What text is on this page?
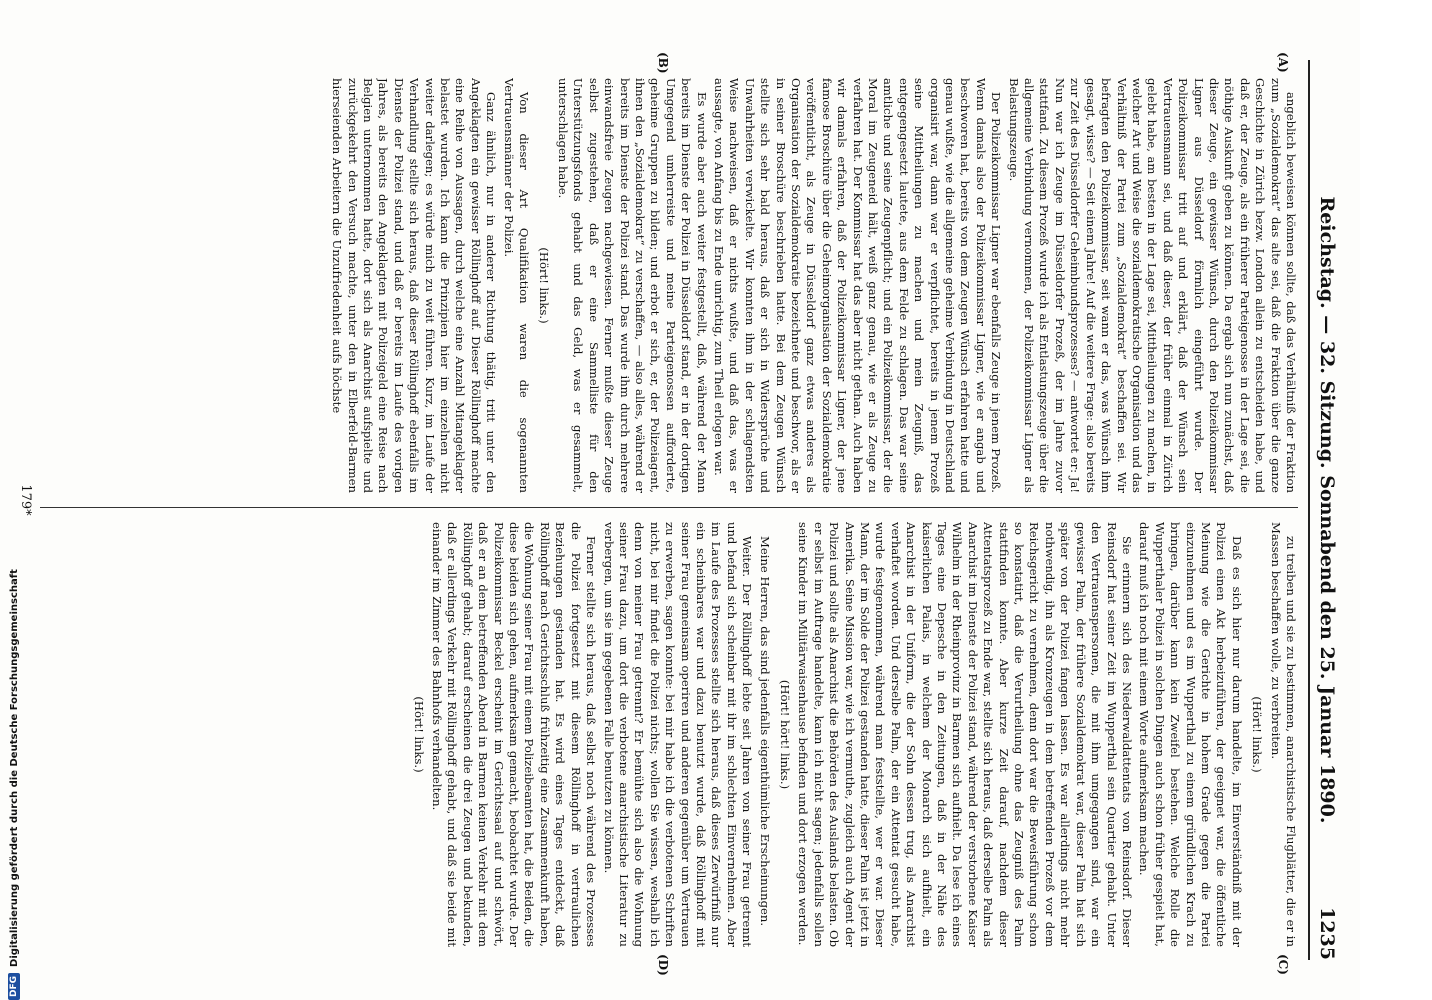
Reichstag. — 32. Sitzung. Sonnabend den 25. Januar 1890.
1235
(A)
(B)
(C)
(D)

angeblich beweisen können sollte, daß das Verhältniß der Fraktion zum „Sozialdemokrat“ das alte sei, daß die Fraktion über die ganze Geschichte in Zürich bezw. London allein zu entscheiden habe, und daß er, der Zeuge, als ein früherer Parteigenosse in der Lage sei, die nöthige Auskunft geben zu können. Da ergab sich nun zunächst, daß dieser Zeuge, ein gewisser Wünsch, durch den Polizeikommissar Ligner aus Düsseldorf förmlich eingeführt wurde. Der Polizeikommissar tritt auf und erklärt, daß der Wünsch sein Vertrauensmann sei, und daß dieser, der früher einmal in Zürich gelebt habe, am besten in der Lage sei, Mittheilungen zu machen, in welcher Art und Weise die sozialdemokratische Organisation und das Verhältniß der Partei zum „Sozialdemokrat“ beschaffen sei. Wir befragten den Polizeikommissar, seit wann er das, was Wünsch ihm gesagt, wisse? — Seit einem Jahre! Auf die weitere Frage: also bereits zur Zeit des Düsseldorfer Geheimbundsprozesses? — antwortet er: Ja! Nun war ich Zeuge im Düsseldorfer Prozeß, der im Jahre zuvor stattfand. Zu diesem Prozeß wurde ich als Entlastungszeuge über die allgemeine Verbindung vernommen, der Polizeikommissar Ligner als Belastungszeuge.

Der Polizeikommissar Ligner war ebenfalls Zeuge in jenem Prozeß. Wenn damals also der Polizeikommissar Ligner, wie er angab und beschworen hat, bereits von dem Zeugen Wünsch erfahren hatte und genau wußte, wie die allgemeine geheime Verbindung in Deutschland organisirt war, dann war er verpflichtet, bereits in jenem Prozeß seine Mittheilungen zu machen und mein Zeugniß, das entgegengesetzt lautete, aus dem Felde zu schlagen. Das war seine amtliche und seine Zeugenpflicht; und ein Polizeikommissar, der die Moral im Zeugeneid hält, weiß ganz genau, wie er als Zeuge zu verfahren hat. Der Kommissar hat das aber nicht gethan. Auch haben wir damals erfahren, daß der Polizeikommissar Ligner, der jene famose Broschüre über die Geheimorganisation der Sozialdemokratie veröffentlicht, als Zeuge in Düsseldorf ganz etwas anderes als Organisation der Sozialdemokratie bezeichnete und beschwor, als er in seiner Broschüre beschrieben hatte. Bei dem Zeugen Wünsch stellte sich sehr bald heraus, daß er sich in Widersprüche und Unwahrheiten verwickelte. Wir konnten ihm in der schlagendsten Weise nachweisen, daß er nichts wußte, und daß das, was er aussagte, von Anfang bis zu Ende unrichtig, zum Theil erlogen war.

Es wurde aber auch weiter festgestellt, daß, während der Mann bereits im Dienste der Polizei in Düsseldorf stand, er in der dortigen Umgegend umherreiste und meine Parteigenossen aufforderte, geheime Gruppen zu bilden; und erbot er sich, er, der Polizeiagent, ihnen den „Sozialdemokrat“ zu verschaffen, — also alles, während er bereits im Dienste der Polizei stand. Das wurde ihm durch mehrere einwandsfreie Zeugen nachgewiesen. Ferner mußte dieser Zeuge selbst zugestehen, daß er eine Sammelliste für den Unterstützungsfonds gehabt und das Geld, was er gesammelt, unterschlagen habe.

(Hört! links.)

Von dieser Art Qualifikation waren die sogenannten Vertrauensmänner der Polizei.

Ganz ähnlich, nur in anderer Richtung thätig, tritt unter den Angeklagten ein gewisser Röllinghoff auf. Dieser Röllinghoff machte eine Reihe von Aussagen, durch welche eine Anzahl Mitangeklagter belastet wurden. Ich kann die Prinzipien hier im einzelnen nicht weiter darlegen; es würde mich zu weit führen. Kurz, im Laufe der Verhandlung stellte sich heraus, daß dieser Röllinghoff ebenfalls im Dienste der Polizei stand, und daß er bereits im Laufe des vorigen Jahres, als bereits den Angeklagten mit Polizeigeld eine Reise nach Belgien unternommen hatte, dort sich als Anarchist aufspielte und zurückgekehrt den Versuch machte, unter den in Elberfeld-Barmen hierseienden Arbeitern die Unzufriedenheit aufs höchste

zu treiben und sie zu bestimmen, anarchistische Flugblätter, die er in Massen beschaffen wolle, zu verbreiten.

(Hört! links.)

Daß es sich hier nur darum handelte, im Einverständniß mit der Polizei einen Akt herbeizuführen, der geeignet war, die öffentliche Meinung wie die Gerichte in hohem Grade gegen die Partei einzunehmen und es im Wupperthal zu einem gründlichen Krach zu bringen, darüber kann kein Zweifel bestehen. Welche Rolle die Wupperthaler Polizei in solchen Dingen auch schon früher gespielt hat, darauf muß ich noch mit einem Worte aufmerksam machen.

Sie erinnern sich des Niederwaldattentats von Reinsdorf. Dieser Reinsdorf hat seiner Zeit im Wupperthal sein Quartier gehabt. Unter den Vertrauenspersonen, die mit ihm umgegangen sind, war ein gewisser Palm, der frühere Sozialdemokrat war, dieser Palm hat sich später von der Polizei fangen lassen. Es war allerdings nicht mehr nothwendig, ihn als Kronzeugen in dem betreffenden Prozeß vor dem Reichsgericht zu vernehmen, denn dort war die Beweisführung schon so konstatirt, daß die Verurtheilung ohne das Zeugniß des Palm stattfinden konnte. Aber kurze Zeit darauf, nachdem dieser Attentatsprozeß zu Ende war, stellte sich heraus, daß derselbe Palm als Anarchist im Dienste der Polizei stand, während der verstorbene Kaiser Wilhelm in der Rheinprovinz in Barmen sich aufhielt. Da lese ich eines Tages eine Depesche in den Zeitungen, daß in der Nähe des kaiserlichen Palais, in welchem der Monarch sich aufhielt, ein Anarchist in der Uniform, die der Sohn dessen trug, als Anarchist verhaftet worden. Und derselbe Palm, der ein Attentat gesucht habe, wurde festgenommen, während man feststellte, wer er war. Dieser Mann, der im Solde der Polizei gestanden hatte, dieser Palm ist jetzt in Amerika. Seine Mission war, wie ich vermuthe, zugleich auch Agent der Polizei und sollte als Anarchist die Behörden des Auslands belasten. Ob er selbst im Auftrage handelte, kann ich nicht sagen; jedenfalls sollen seine Kinder im Militärwaisenhause befinden und dort erzogen werden.

(Hört! hört! links.)

Meine Herren, das sind jedenfalls eigenthümliche Erscheinungen.

Weiter. Der Röllinghoff lebte seit Jahren von seiner Frau getrennt und befand sich scheinbar mit ihr im schlechten Einvernehmen. Aber im Laufe des Prozesses stellte sich heraus, daß dieses Zerwürfniß nur ein scheinbares war und dazu benutzt wurde, daß Röllinghoff mit seiner Frau gemeinsam operiren und anderen gegenüber um Vertrauen zu erwerben, sagen konnte: bei mir habe ich die verbotenen Schriften nicht, bei mir findet die Polizei nichts; wollen Sie wissen, weshalb ich denn von meiner Frau getrennt? Er bemühte sich also die Wohnung seiner Frau dazu, um dort die verbotene anarchistische Literatur zu verbergen, um sie im gegebenen Falle benutzen zu können.

Ferner stellte sich heraus, daß selbst noch während des Prozesses die Polizei fortgesetzt mit diesem Röllinghoff in vertraulichen Beziehungen gestanden hat. Es wird eines Tages entdeckt, daß Röllinghoff nach Gerichtsschluß frühzeitig eine Zusammenkunft haben, die Wohnung seiner Frau mit einem Polizeibeamten hat, die Beiden, die diese beiden sich gehen, aufmerksam gemacht, beobachtet wurde. Der Polizeikommissar Beckel erscheint im Gerichtssaal auf und schwört, daß er an dem betreffenden Abend in Barmen keinen Verkehr mit dem Röllinghoff gehabt; darauf erscheinen die drei Zeugen und bekunden, daß er allerdings Verkehr mit Röllinghoff gehabt, und daß sie beide mit einander im Zimmer des Bahnhofs verhandelten.

(Hört! links.)

179*
DFG
Digitalisierung gefördert durch die Deutsche Forschungsgemeinschaft
